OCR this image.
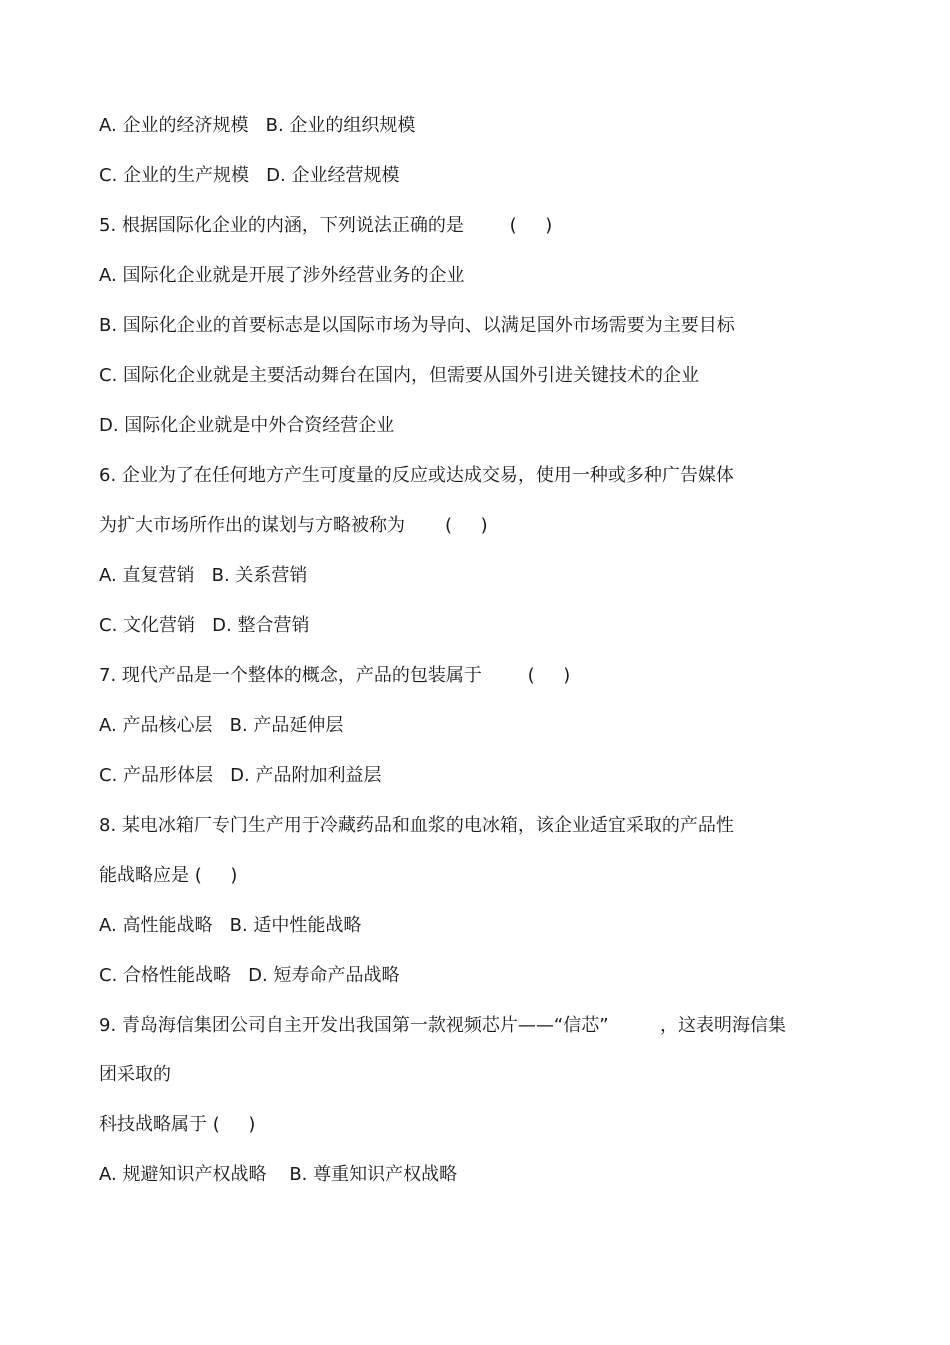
A. 企业的经济规模   B. 企业的组织规模
C. 企业的生产规模   D. 企业经营规模
5. 根据国际化企业的内涵，下列说法正确的是        (     )
A. 国际化企业就是开展了涉外经营业务的企业
B. 国际化企业的首要标志是以国际市场为导向、以满足国外市场需要为主要目标
C. 国际化企业就是主要活动舞台在国内，但需要从国外引进关键技术的企业
D. 国际化企业就是中外合资经营企业
6. 企业为了在任何地方产生可度量的反应或达成交易，使用一种或多种广告媒体
为扩大市场所作出的谋划与方略被称为       (     )
A. 直复营销   B. 关系营销
C. 文化营销   D. 整合营销
7. 现代产品是一个整体的概念，产品的包装属于        (     )
A. 产品核心层   B. 产品延伸层
C. 产品形体层   D. 产品附加利益层
8. 某电冰箱厂专门生产用于冷藏药品和血浆的电冰箱，该企业适宜采取的产品性
能战略应是 (     )
A. 高性能战略   B. 适中性能战略
C. 合格性能战略   D. 短寿命产品战略
9. 青岛海信集团公司自主开发出我国第一款视频芯片——“信芯”         ，这表明海信集
团采取的
科技战略属于 (     )
A. 规避知识产权战略    B. 尊重知识产权战略
